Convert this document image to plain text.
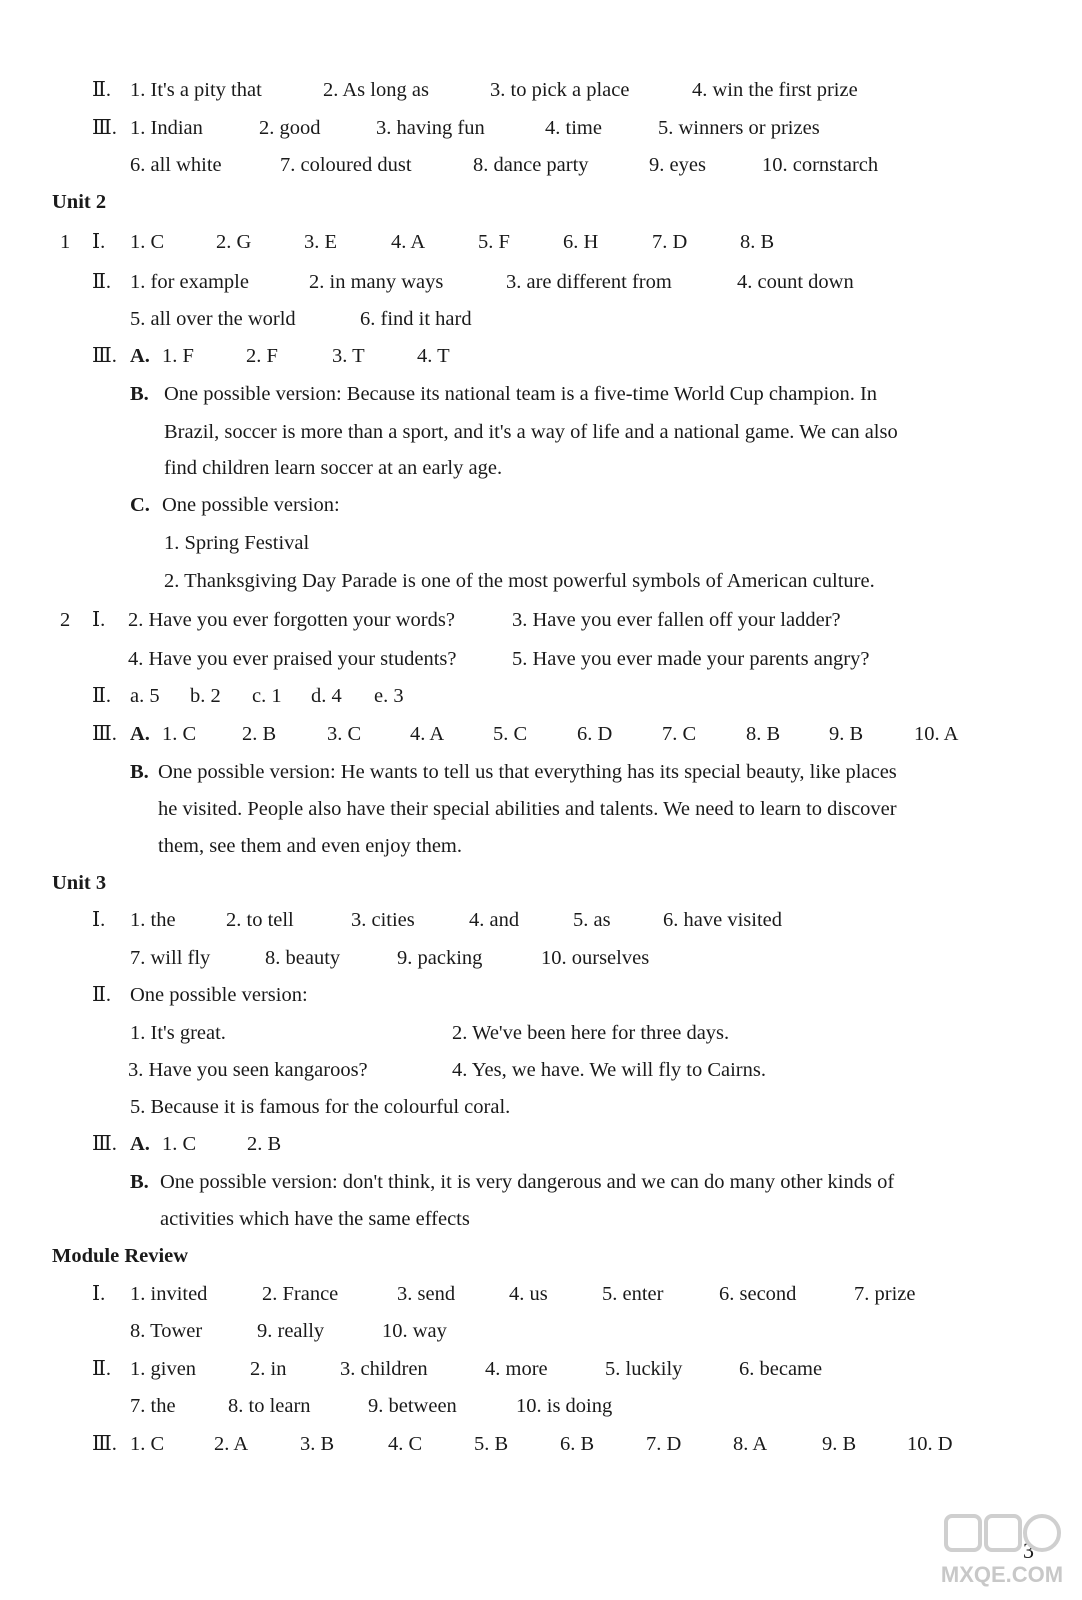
Ⅱ. 1. It's a pity that	2. As long as	3. to pick a place	4. win the first prize
Ⅲ. 1. Indian	2. good	3. having fun	4. time	5. winners or prizes
6. all white	7. coloured dust	8. dance party	9. eyes	10. cornstarch
Unit 2
1 Ⅰ. 1. C	2. G	3. E	4. A	5. F	6. H	7. D	8. B
Ⅱ. 1. for example	2. in many ways	3. are different from	4. count down
5. all over the world	6. find it hard
Ⅲ. A. 1. F	2. F	3. T	4. T
B. One possible version: Because its national team is a five-time World Cup champion. In
Brazil, soccer is more than a sport, and it's a way of life and a national game. We can also
find children learn soccer at an early age.
C. One possible version:
1. Spring Festival
2. Thanksgiving Day Parade is one of the most powerful symbols of American culture.
2 Ⅰ. 2. Have you ever forgotten your words?	3. Have you ever fallen off your ladder?
4. Have you ever praised your students?	5. Have you ever made your parents angry?
Ⅱ. a. 5 b. 2 c. 1 d. 4 e. 3
Ⅲ. A. 1. C 2. B 3. C 4. A 5. C 6. D 7. C 8. B 9. B 10. A
B. One possible version: He wants to tell us that everything has its special beauty, like places
he visited. People also have their special abilities and talents. We need to learn to discover
them, see them and even enjoy them.
Unit 3
Ⅰ. 1. the 2. to tell	3. cities	4. and	5. as	6. have visited
7. will fly	8. beauty	9. packing	10. ourselves
Ⅱ. One possible version:
1. It's great.	2. We've been here for three days.
3. Have you seen kangaroos?	4. Yes, we have. We will fly to Cairns.
5. Because it is famous for the colourful coral.
Ⅲ. A. 1. C 2. B
B. One possible version: don't think, it is very dangerous and we can do many other kinds of
activities which have the same effects
Module Review
Ⅰ. 1. invited	2. France	3. send	4. us	5. enter	6. second	7. prize
8. Tower	9. really	10. way
Ⅱ. 1. given	2. in	3. children	4. more	5. luckily	6. became
7. the	8. to learn	9. between	10. is doing
Ⅲ. 1. C 2. A	3. B	4. C	5. B	6. B	7. D	8. A	9. B 10. D
3
MXQE.COM
